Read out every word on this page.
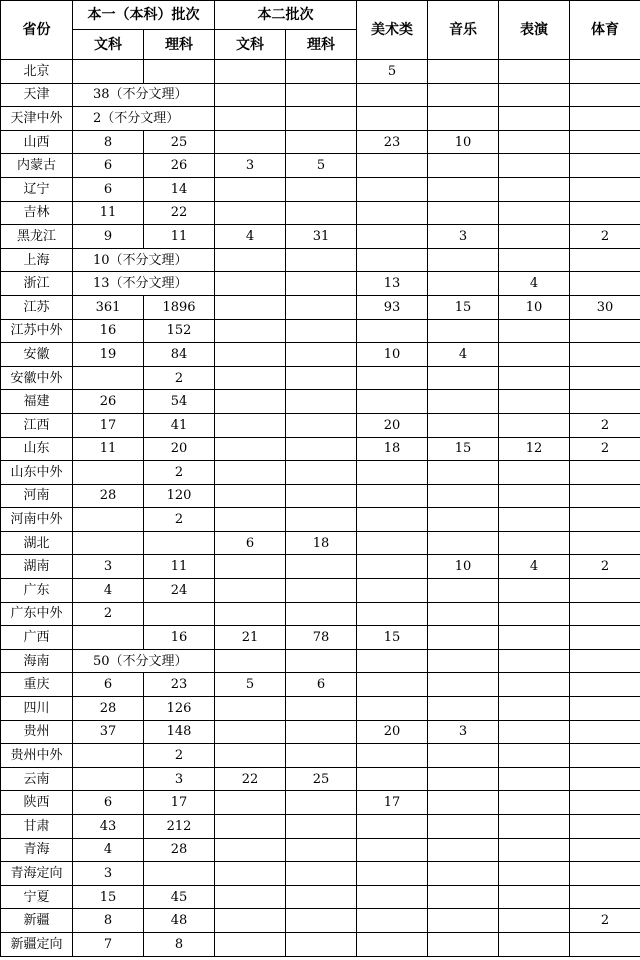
省份	本一（本科）批次		本二批次		美术类	音乐	表演	体育
	文科	理科	文科	理科				
北京					5			
天津	38（不分文理）							
天津中外	2（不分文理）							
山西	8	25			23	10		
内蒙古	6	26	3	5				
辽宁	6	14						
吉林	11	22						
黑龙江	9	11	4	31		3		2
上海	10（不分文理）							
浙江	13（不分文理）				13		4	
江苏	361	1896			93	15	10	30
江苏中外	16	152						
安徽	19	84			10	4		
安徽中外		2						
福建	26	54						
江西	17	41			20			2
山东	11	20			18	15	12	2
山东中外		2						
河南	28	120						
河南中外		2						
湖北			6	18				
湖南	3	11				10	4	2
广东	4	24						
广东中外	2							
广西		16	21	78	15			
海南	50（不分文理）							
重庆	6	23	5	6				
四川	28	126						
贵州	37	148			20	3		
贵州中外		2						
云南		3	22	25				
陕西	6	17			17			
甘肃	43	212						
青海	4	28						
青海定向	3							
宁夏	15	45						
新疆	8	48						2
新疆定向	7	8						
